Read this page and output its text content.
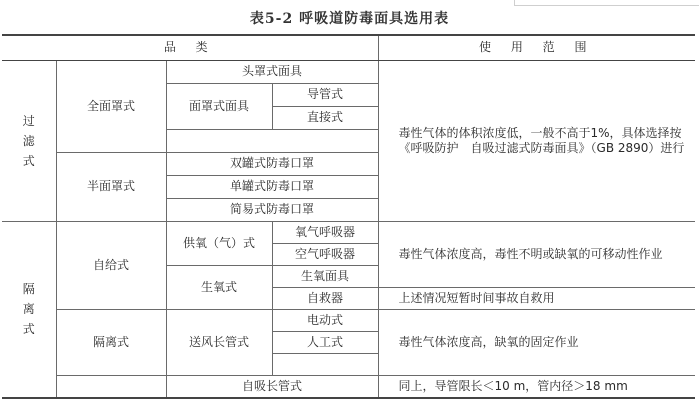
表5-2 呼吸道防毒面具选用表
品 类				使 用 范 围

过
滤
式	全面罩式	头罩式面具		毒性气体的体积浓度低，一般不高于1%，具体选择按《呼吸防护　自吸过滤式防毒面具》（GB 2890）进行
		面罩式面具	导管式	
			直接式	

	半面罩式	双罐式防毒口罩		
		单罐式防毒口罩		
		简易式防毒口罩		

隔
离
式	自给式	供氧（气）式	氧气呼吸器	毒性气体浓度高，毒性不明或缺氧的可移动性作业
			空气呼吸器	
		生氧式	生氧面具	
			自救器	上述情况短暂时间事故自救用
	隔离式	送风长管式	电动式	毒性气体浓度高，缺氧的固定作业
			人工式	

		自吸长管式		同上，导管限长＜10 m，管内径＞18 mm
